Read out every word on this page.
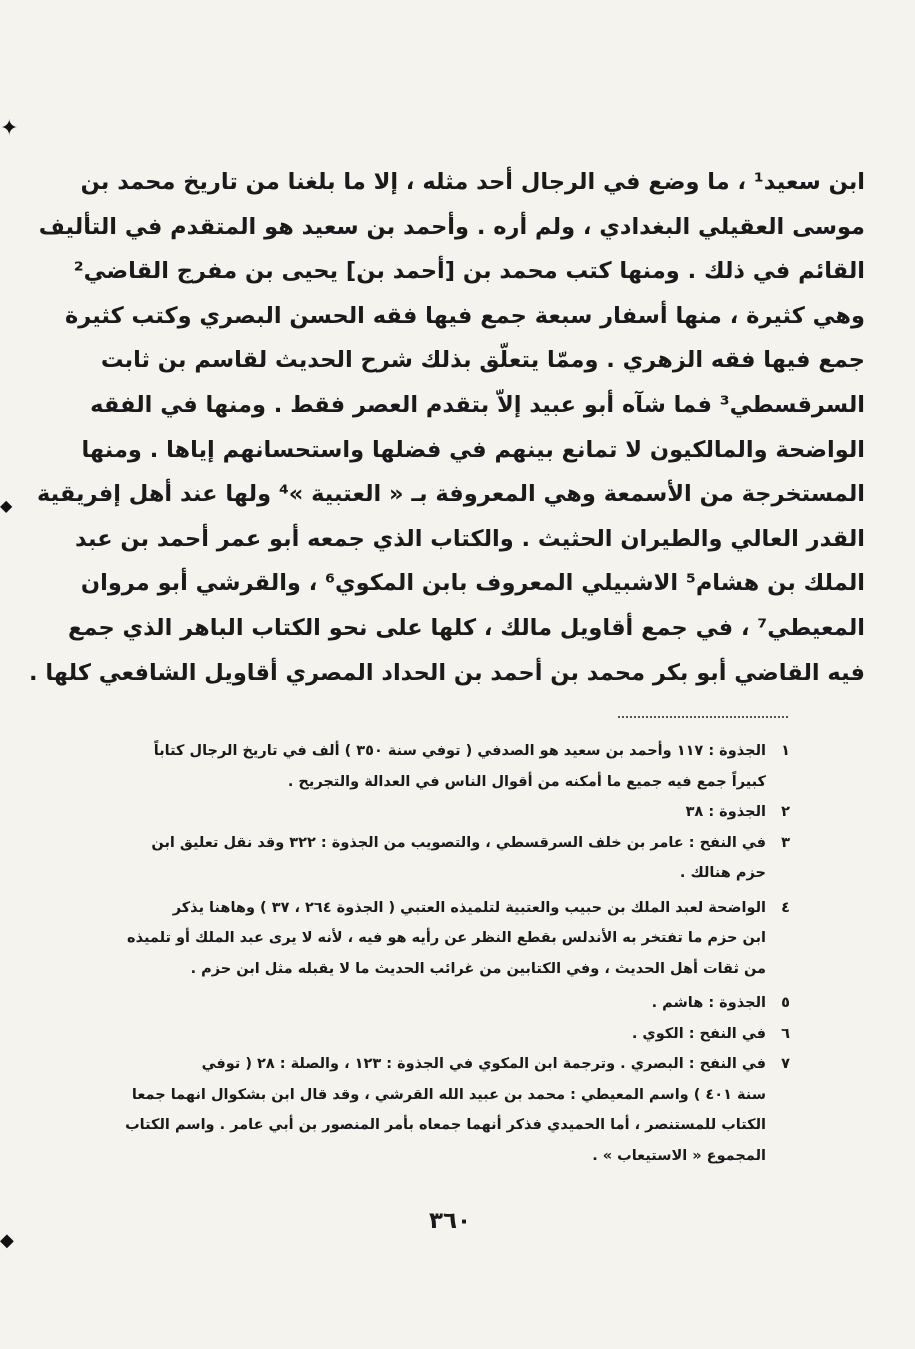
✦
◆
◆
ابن سعيد¹ ، ما وضع في الرجال أحد مثله ، إلا ما بلغنا من تاريخ محمد بن
موسى العقيلي البغدادي ، ولم أره . وأحمد بن سعيد هو المتقدم في التأليف
القائم في ذلك . ومنها كتب محمد بن [أحمد بن] يحيى بن مفرج القاضي²
وهي كثيرة ، منها أسفار سبعة جمع فيها فقه الحسن البصري وكتب كثيرة
جمع فيها فقه الزهري . وممّا يتعلّق بذلك شرح الحديث لقاسم بن ثابت
السرقسطي³ فما شآه أبو عبيد إلاّ بتقدم العصر فقط . ومنها في الفقه
الواضحة والمالكيون لا تمانع بينهم في فضلها واستحسانهم إياها . ومنها
المستخرجة من الأسمعة وهي المعروفة بـ « العتبية »⁴ ولها عند أهل إفريقية
القدر العالي والطيران الحثيث . والكتاب الذي جمعه أبو عمر أحمد بن عبد
الملك بن هشام⁵ الاشبيلي المعروف بابن المكوي⁶ ، والقرشي أبو مروان
المعيطي⁷ ، في جمع أقاويل مالك ، كلها على نحو الكتاب الباهر الذي جمع
فيه القاضي أبو بكر محمد بن أحمد بن الحداد المصري أقاويل الشافعي كلها .
١
الجذوة : ١١٧ وأحمد بن سعيد هو الصدفي ( توفي سنة ٣٥٠ ) ألف في تاريخ الرجال كتاباً
كبيراً جمع فيه جميع ما أمكنه من أقوال الناس في العدالة والتجريح .
٢
الجذوة : ٣٨
٣
في النفح : عامر بن خلف السرقسطي ، والتصويب من الجذوة : ٣٢٢ وقد نقل تعليق ابن
حزم هنالك .
٤
الواضحة لعبد الملك بن حبيب والعتبية لتلميذه العتبي ( الجذوة ٢٦٤ ، ٣٧ ) وهاهنا يذكر
ابن حزم ما تفتخر به الأندلس بقطع النظر عن رأيه هو فيه ، لأنه لا يرى عبد الملك أو تلميذه
من ثقات أهل الحديث ، وفي الكتابين من غرائب الحديث ما لا يقبله مثل ابن حزم .
٥
الجذوة : هاشم .
٦
في النفح : الكوي .
٧
في النفح : البصري . وترجمة ابن المكوي في الجذوة : ١٢٣ ، والصلة : ٢٨ ( توفي
سنة ٤٠١ ) واسم المعيطي : محمد بن عبيد الله القرشي ، وقد قال ابن بشكوال انهما جمعا
الكتاب للمستنصر ، أما الحميدي فذكر أنهما جمعاه بأمر المنصور بن أبي عامر . واسم الكتاب
المجموع « الاستيعاب » .
٣٦٠
